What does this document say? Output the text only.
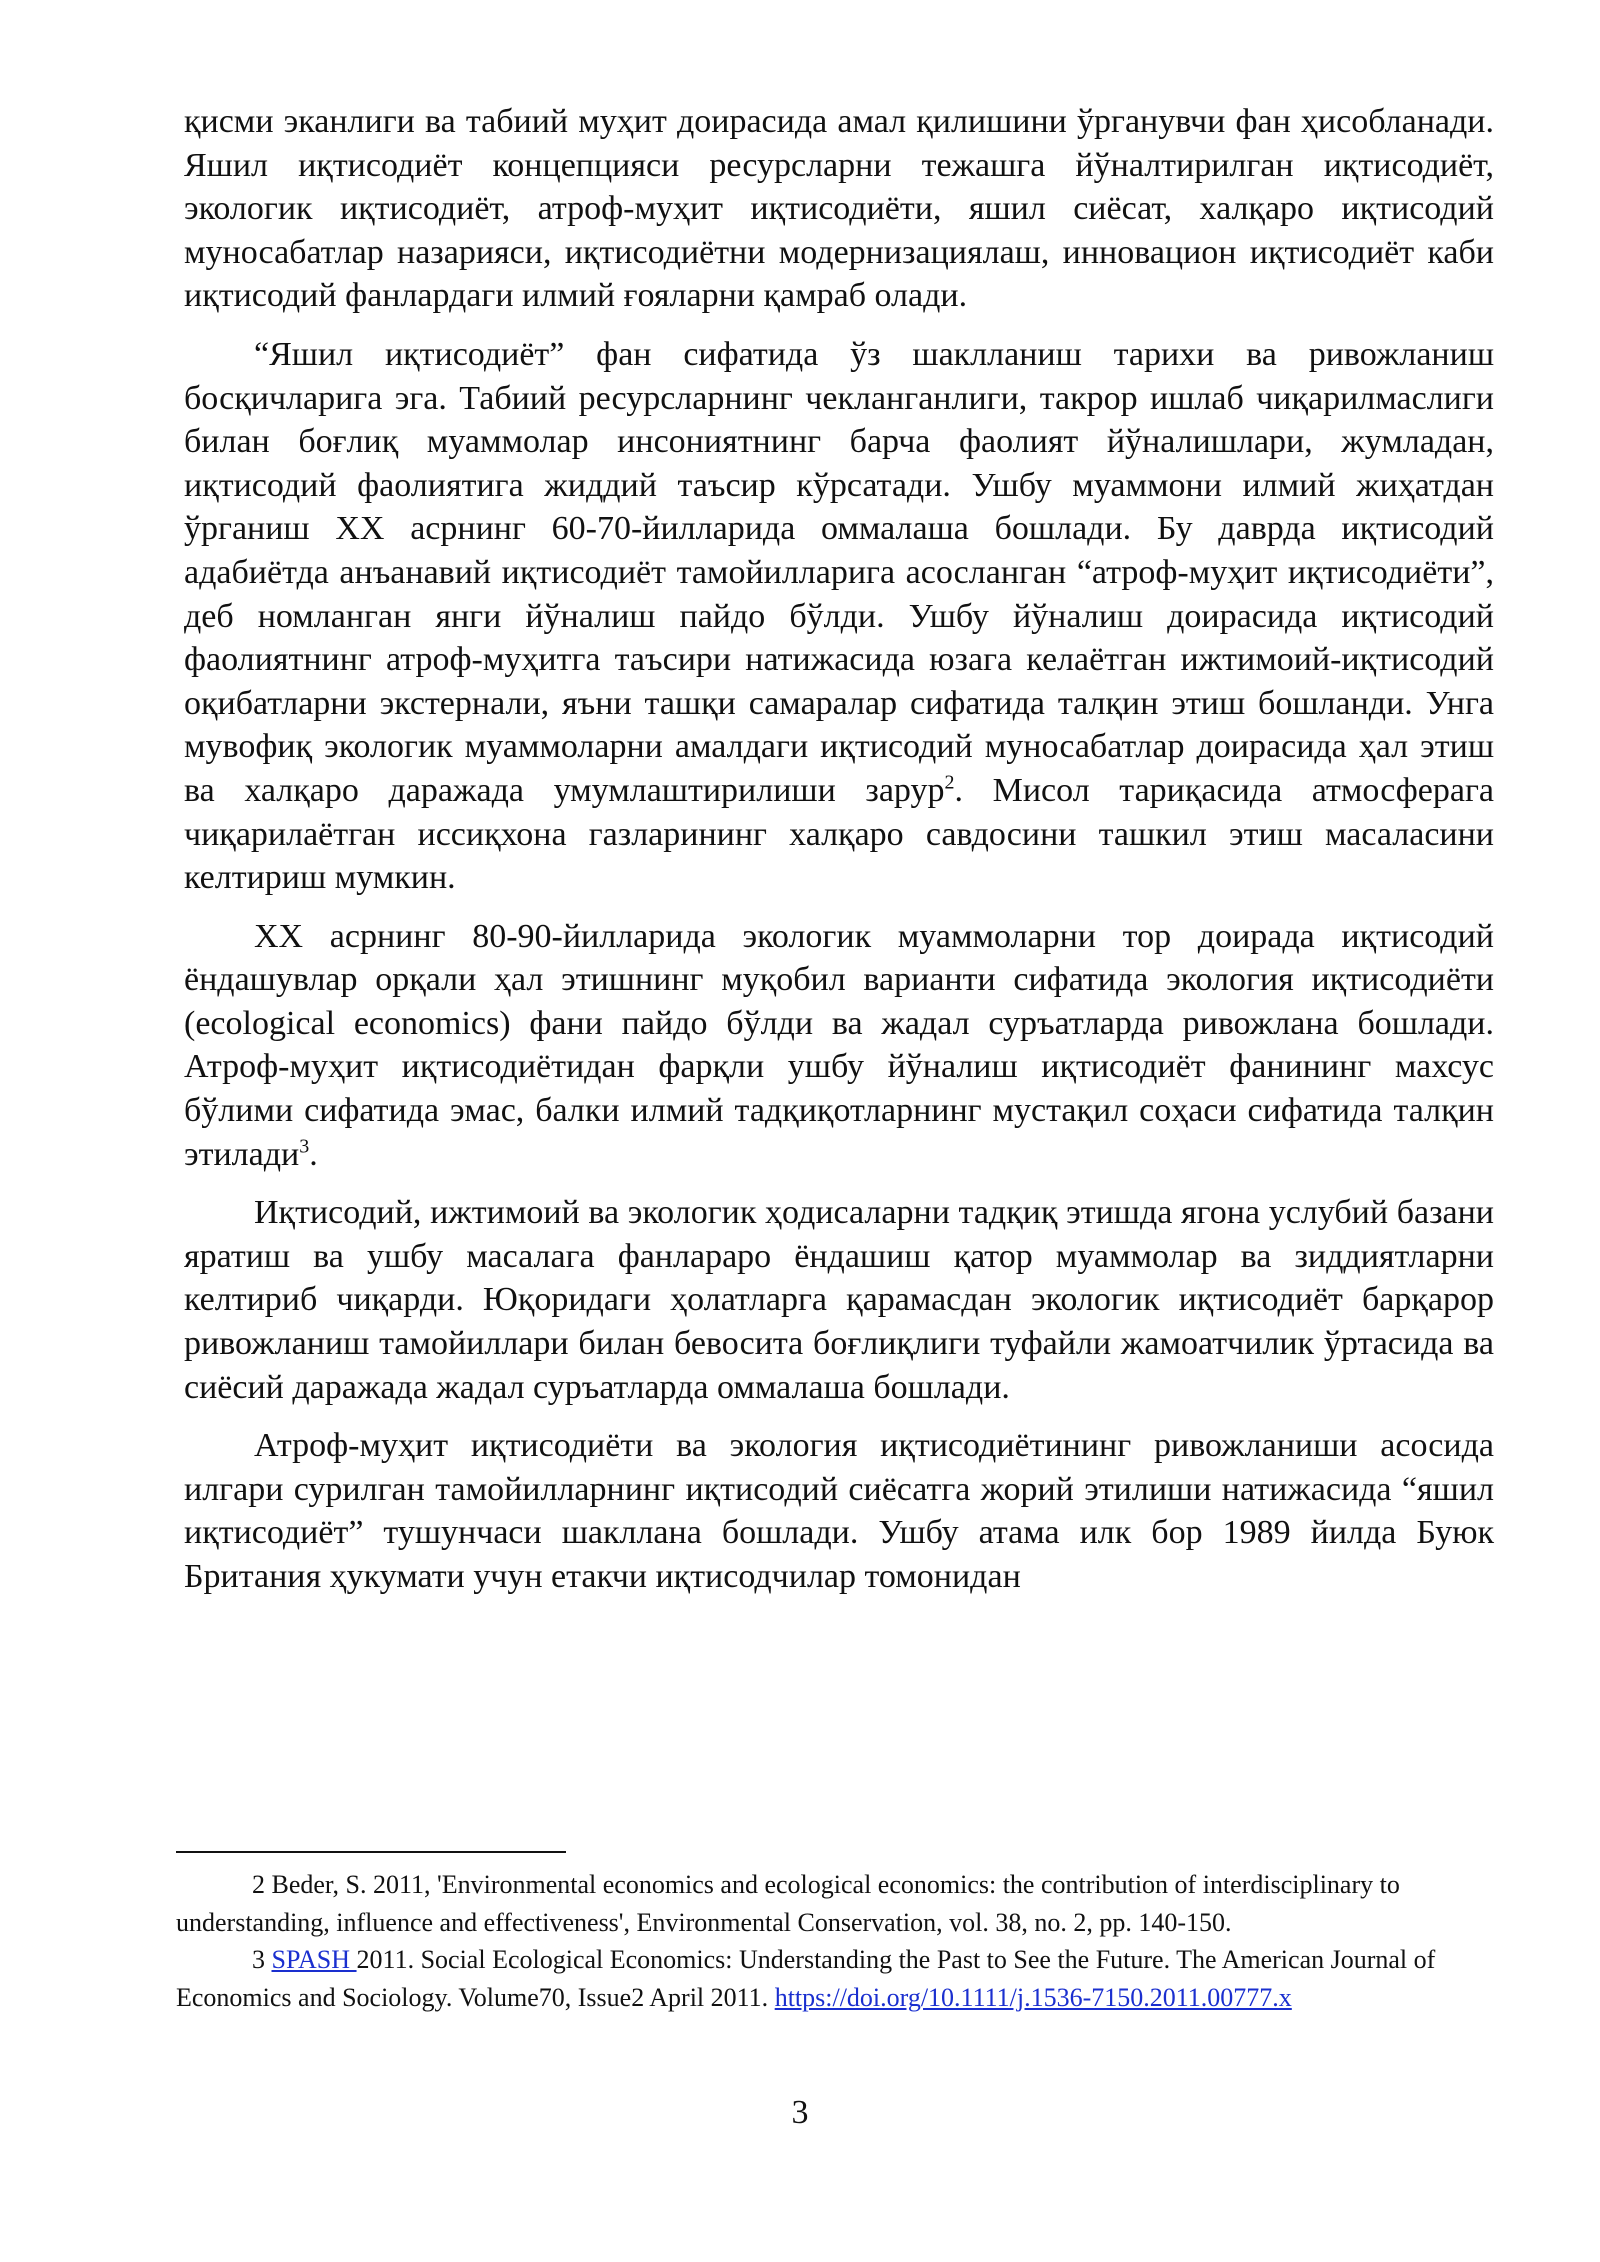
қисми эканлиги ва табиий муҳит доирасида амал қилишини ўрганувчи фан ҳисобланади. Яшил иқтисодиёт концепцияси ресурсларни тежашга йўналтирилган иқтисодиёт, экологик иқтисодиёт, атроф-муҳит иқтисодиёти, яшил сиёсат, халқаро иқтисодий муносабатлар назарияси, иқтисодиётни модернизациялаш, инновацион иқтисодиёт каби иқтисодий фанлардаги илмий ғояларни қамраб олади.

“Яшил иқтисодиёт” фан сифатида ўз шаклланиш тарихи ва ривожланиш босқичларига эга. Табиий ресурсларнинг чекланганлиги, такрор ишлаб чиқарилмаслиги билан боғлиқ муаммолар инсониятнинг барча фаолият йўналишлари, жумладан, иқтисодий фаолиятига жиддий таъсир кўрсатади. Ушбу муаммони илмий жиҳатдан ўрганиш XX асрнинг 60-70-йилларида оммалаша бошлади. Бу даврда иқтисодий адабиётда анъанавий иқтисодиёт тамойилларига асосланган “атроф-муҳит иқтисодиёти”, деб номланган янги йўналиш пайдо бўлди. Ушбу йўналиш доирасида иқтисодий фаолиятнинг атроф-муҳитга таъсири натижасида юзага келаётган ижтимоий-иқтисодий оқибатларни экстернали, яъни ташқи самаралар сифатида талқин этиш бошланди. Унга мувофиқ экологик муаммоларни амалдаги иқтисодий муносабатлар доирасида ҳал этиш ва халқаро даражада умумлаштирилиши зарур$^2$. Мисол тариқасида атмосферага чиқарилаётган иссиқхона газларининг халқаро савдосини ташкил этиш масаласини келтириш мумкин.

XX асрнинг 80-90-йилларида экологик муаммоларни тор доирада иқтисодий ёндашувлар орқали ҳал этишнинг муқобил варианти сифатида экология иқтисодиёти (ecological economics) фани пайдо бўлди ва жадал суръатларда ривожлана бошлади. Атроф-муҳит иқтисодиётидан фарқли ушбу йўналиш иқтисодиёт фанининг махсус бўлими сифатида эмас, балки илмий тадқиқотларнинг мустақил соҳаси сифатида талқин этилади$^3$.

Иқтисодий, ижтимоий ва экологик ҳодисаларни тадқиқ этишда ягона услубий базани яратиш ва ушбу масалага фанлараро ёндашиш қатор муаммолар ва зиддиятларни келтириб чиқарди. Юқоридаги ҳолатларга қарамасдан экологик иқтисодиёт барқарор ривожланиш тамойиллари билан бевосита боғлиқлиги туфайли жамоатчилик ўртасида ва сиёсий даражада жадал суръатларда оммалаша бошлади.

Атроф-муҳит иқтисодиёти ва экология иқтисодиётининг ривожланиши асосида илгари сурилган тамойилларнинг иқтисодий сиёсатга жорий этилиши натижасида “яшил иқтисодиёт” тушунчаси шакллана бошлади. Ушбу атама илк бор 1989 йилда Буюк Британия ҳукумати учун етакчи иқтисодчилар томонидан

2 Beder, S. 2011, 'Environmental economics and ecological economics: the contribution of interdisciplinary to understanding, influence and effectiveness', Environmental Conservation, vol. 38, no. 2, pp. 140-150.

3 SPASH 2011. Social Ecological Economics: Understanding the Past to See the Future. The American Journal of Economics and Sociology. Volume70, Issue2 April 2011. https://doi.org/10.1111/j.1536-7150.2011.00777.x

3
